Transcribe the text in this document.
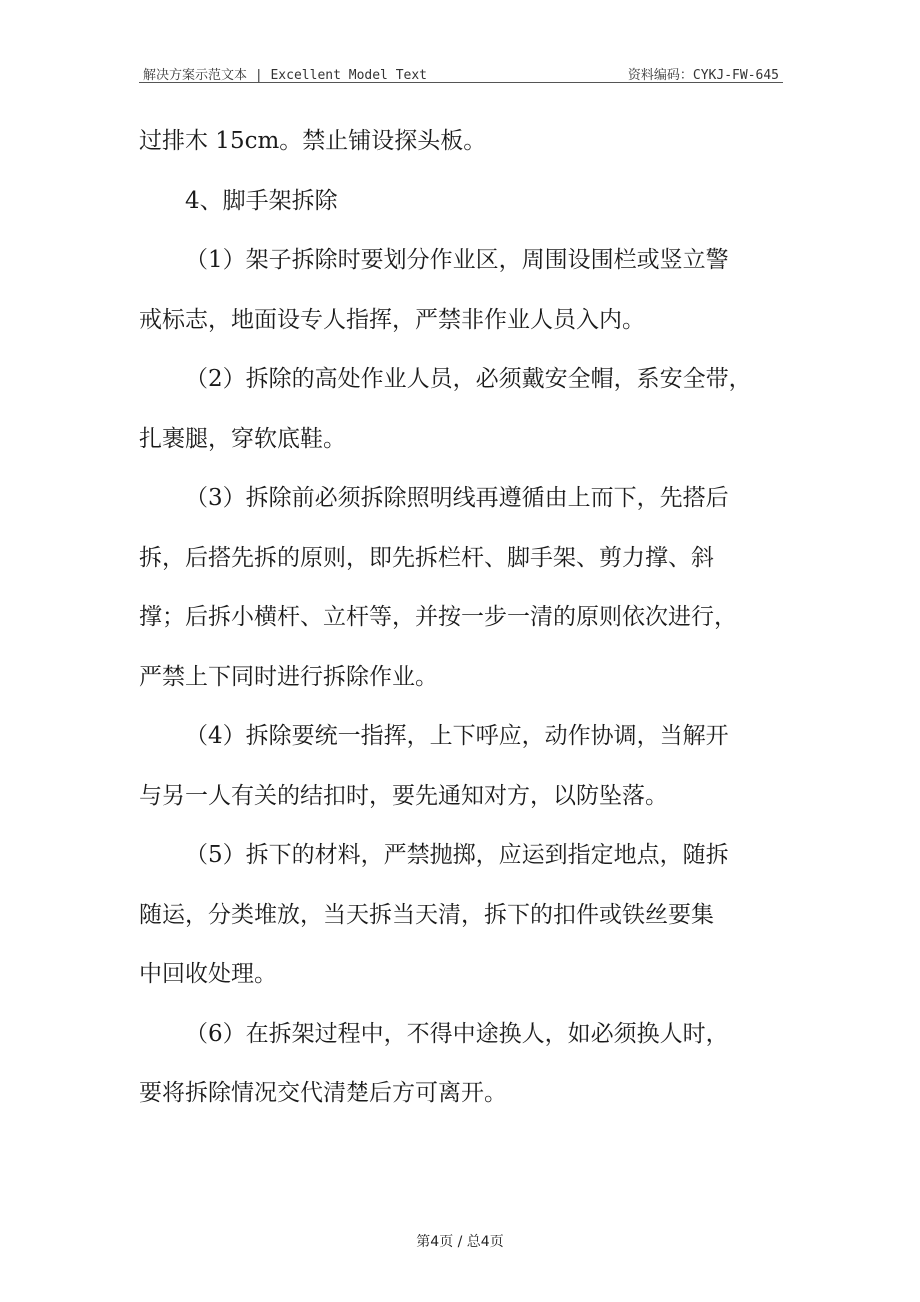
解决方案示范文本 | Excellent Model Text	资料编码：CYKJ-FW-645
过排木 15cm。禁止铺设探头板。
4、脚手架拆除
（1）架子拆除时要划分作业区，周围设围栏或竖立警
戒标志，地面设专人指挥，严禁非作业人员入内。
（2）拆除的高处作业人员，必须戴安全帽，系安全带，
扎裹腿，穿软底鞋。
（3）拆除前必须拆除照明线再遵循由上而下，先搭后
拆，后搭先拆的原则，即先拆栏杆、脚手架、剪力撑、斜
撑；后拆小横杆、立杆等，并按一步一清的原则依次进行，
严禁上下同时进行拆除作业。
（4）拆除要统一指挥，上下呼应，动作协调，当解开
与另一人有关的结扣时，要先通知对方，以防坠落。
（5）拆下的材料，严禁抛掷，应运到指定地点，随拆
随运，分类堆放，当天拆当天清，拆下的扣件或铁丝要集
中回收处理。
（6）在拆架过程中，不得中途换人，如必须换人时，
要将拆除情况交代清楚后方可离开。
第4页 / 总4页
